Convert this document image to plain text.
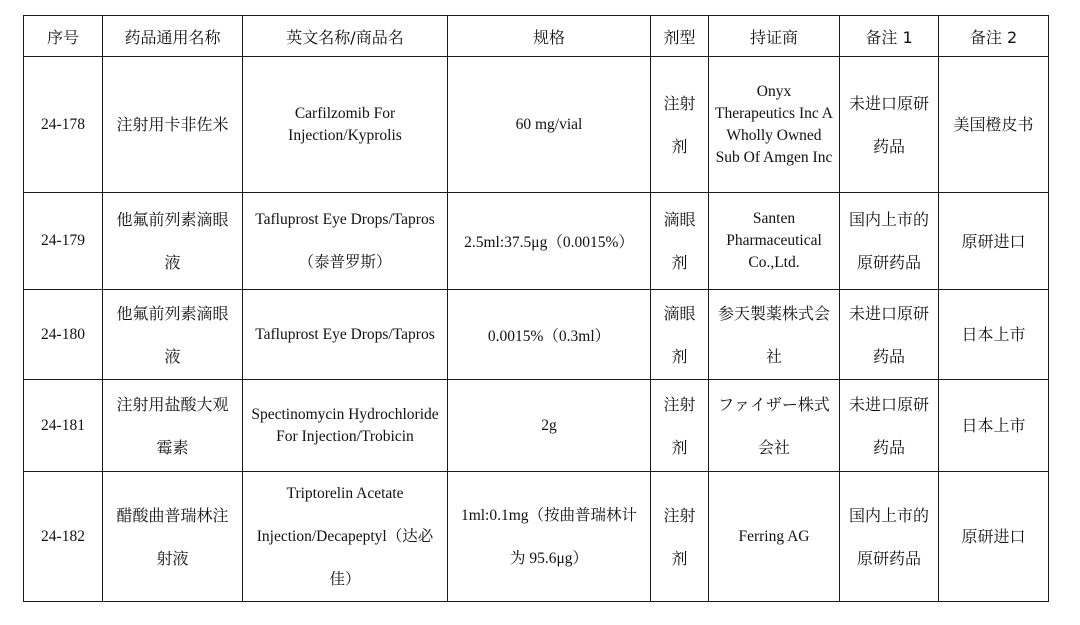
序号	药品通用名称	英文名称/商品名	规格	剂型	持证商	备注 1	备注 2
24-178	注射用卡非佐米	Carfilzomib For Injection/Kyprolis	60 mg/vial	注射剂	Onyx Therapeutics Inc A Wholly Owned Sub Of Amgen Inc	未进口原研药品	美国橙皮书
24-179	他氟前列素滴眼液	Tafluprost Eye Drops/Tapros（泰普罗斯）	2.5ml:37.5μg（0.0015%）	滴眼剂	Santen Pharmaceutical Co.,Ltd.	国内上市的原研药品	原研进口
24-180	他氟前列素滴眼液	Tafluprost Eye Drops/Tapros	0.0015%（0.3ml）	滴眼剂	参天製薬株式会社	未进口原研药品	日本上市
24-181	注射用盐酸大观霉素	Spectinomycin Hydrochloride For Injection/Trobicin	2g	注射剂	ファイザー株式会社	未进口原研药品	日本上市
24-182	醋酸曲普瑞林注射液	Triptorelin Acetate Injection/Decapeptyl（达必佳）	1ml:0.1mg（按曲普瑞林计为 95.6μg）	注射剂	Ferring AG	国内上市的原研药品	原研进口
